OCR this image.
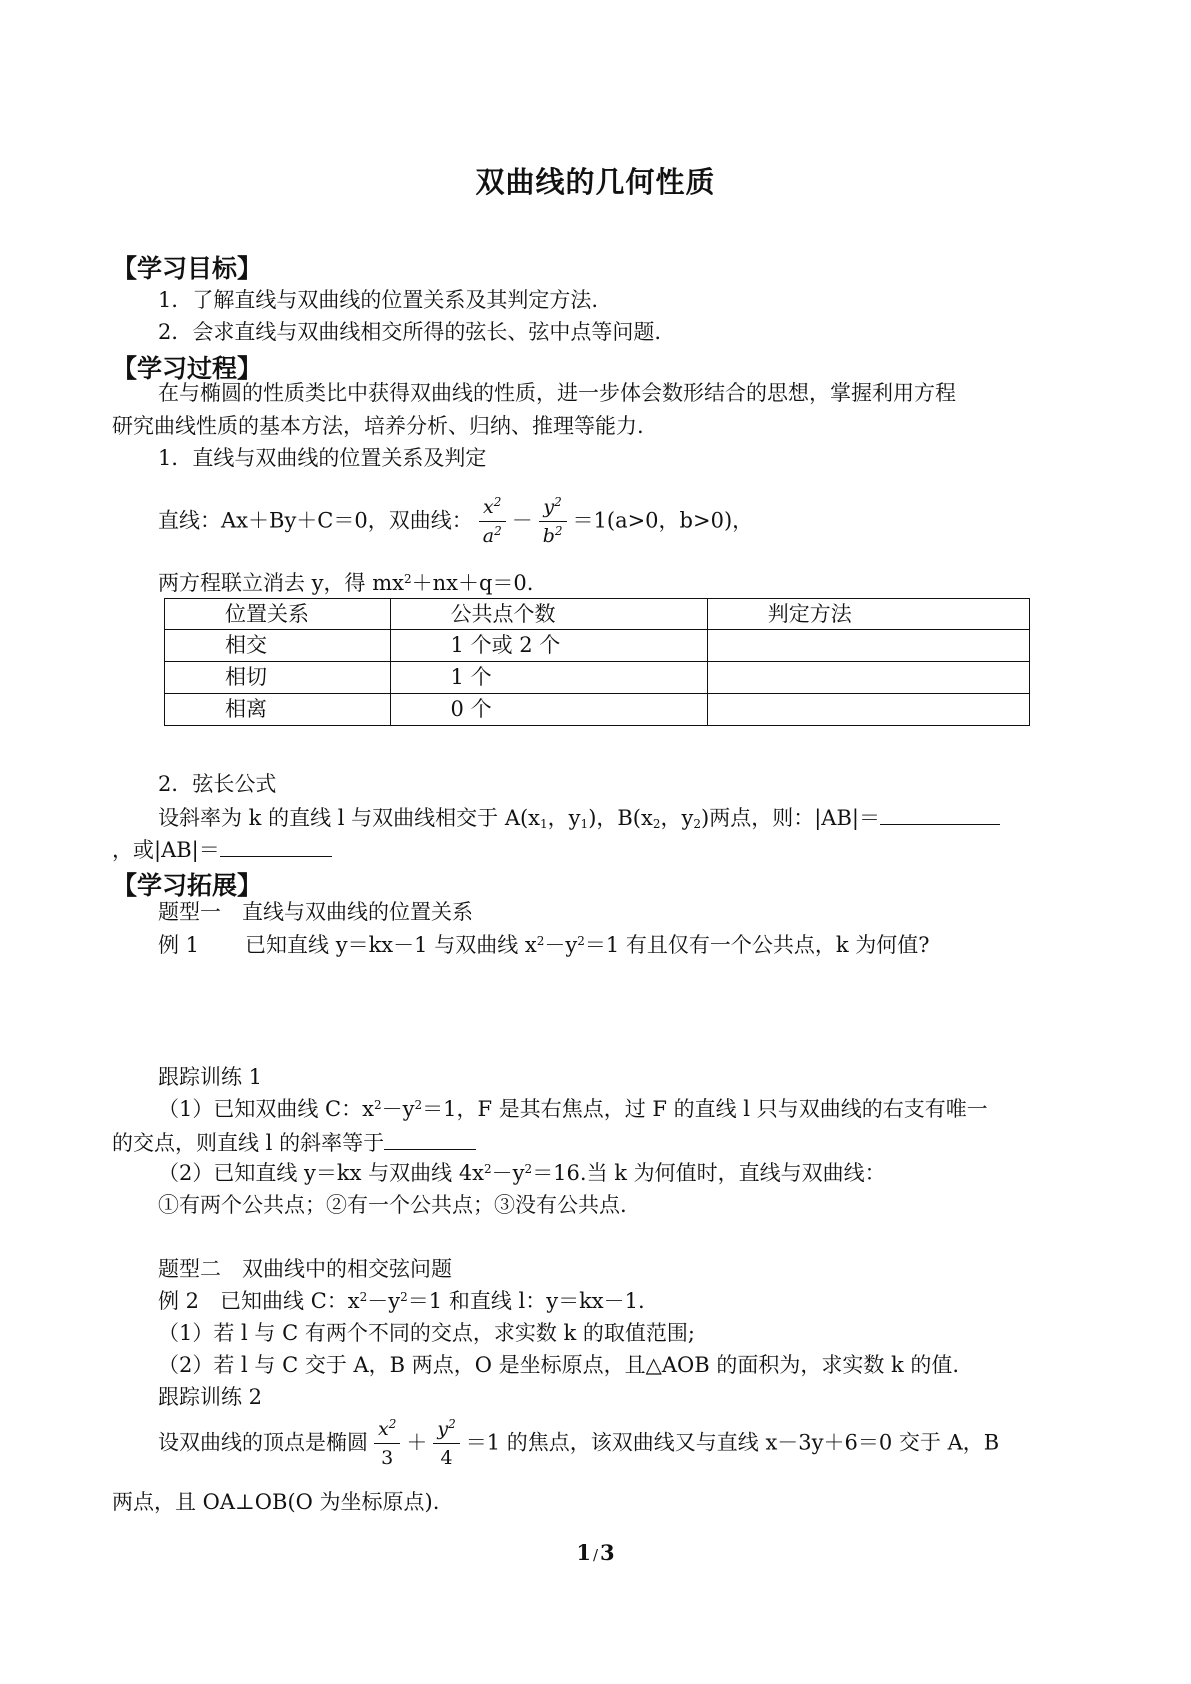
双曲线的几何性质
【学习目标】
1．了解直线与双曲线的位置关系及其判定方法.
2．会求直线与双曲线相交所得的弦长、弦中点等问题.
【学习过程】
在与椭圆的性质类比中获得双曲线的性质，进一步体会数形结合的思想，掌握利用方程
研究曲线性质的基本方法，培养分析、归纳、推理等能力.
1．直线与双曲线的位置关系及判定
直线：Ax＋By＋C＝0，双曲线： $\frac{x^2}{a^2} - \frac{y^2}{b^2} =1(a>0$，b>0)，
两方程联立消去 y，得 $mx^2+nx+q=0$.
位置关系	公共点个数	判定方法
相交	1 个或 2 个	
相切	1 个	
相离	0 个	
2．弦长公式
设斜率为 k 的直线 l 与双曲线相交于 $A(x_1$，$y_1$)，$B(x_2$，$y_2$)两点，则：|AB|＝
，或|AB|＝
【学习拓展】
题型一　直线与双曲线的位置关系
例 1 已知直线 y＝kx－1 与双曲线 $x^2-y^2=1$ 有且仅有一个公共点，k 为何值?
跟踪训练 1
（1）已知双曲线 C：$x^2-y^2=1$，F 是其右焦点，过 F 的直线 l 只与双曲线的右支有唯一
的交点，则直线 l 的斜率等于
（2）已知直线 y＝kx 与双曲线 $4x^2-y^2=16$.当 k 为何值时，直线与双曲线：
①有两个公共点；②有一个公共点；③没有公共点.
题型二　双曲线中的相交弦问题
例 2　已知曲线 C：$x^2-y^2=1$ 和直线 l：y＝kx－1.
（1）若 l 与 C 有两个不同的交点，求实数 k 的取值范围;
（2）若 l 与 C 交于 A，B 两点，O 是坐标原点，且△AOB 的面积为，求实数 k 的值.
跟踪训练 2
设双曲线的顶点是椭圆 $\frac{x^2}{3} + \frac{y^2}{4} =1$ 的焦点，该双曲线又与直线 x－3y＋6＝0 交于 A，B
两点，且 OA⊥OB(O 为坐标原点).
1 /3
